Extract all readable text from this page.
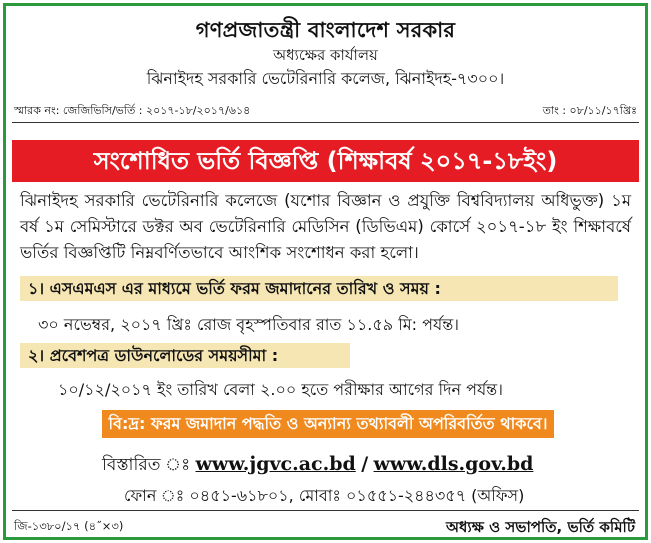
গণপ্রজাতন্ত্রী বাংলাদেশ সরকার
অধ্যক্ষের কার্যালয়
ঝিনাইদহ সরকারি ভেটেরিনারি কলেজ, ঝিনাইদহ-৭৩০০।
স্মারক নং: জেজিভিসি/ভর্তি : ২০১৭-১৮/২০১৭/৬১৪	তাং : ০৮/১১/১৭খ্রিঃ
সংশোধিত ভর্তি বিজ্ঞপ্তি (শিক্ষাবর্ষ ২০১৭-১৮ইং)
ঝিনাইদহ সরকারি ভেটেরিনারি কলেজে (যশোর বিজ্ঞান ও প্রযুক্তি বিশ্ববিদ্যালয় অধিভুক্ত) ১ম বর্ষ ১ম সেমিস্টারে ডক্টর অব ভেটেরিনারি মেডিসিন (ডিভিএম) কোর্সে ২০১৭-১৮ ইং শিক্ষাবর্ষে ভর্তির বিজ্ঞপ্তিটি নিম্নবর্ণিতভাবে আংশিক সংশোধন করা হলো।
১। এসএমএস এর মাধ্যমে ভর্তি ফরম জমাদানের তারিখ ও সময় :
৩০ নভেম্বর, ২০১৭ খ্রিঃ রোজ বৃহস্পতিবার রাত ১১.৫৯ মি: পর্যন্ত।
২। প্রবেশপত্র ডাউনলোডের সময়সীমা :
১০/১২/২০১৭ ইং তারিখ বেলা ২.০০ হতে পরীক্ষার আগের দিন পর্যন্ত।
বি:দ্র: ফরম জমাদান পদ্ধতি ও অন্যান্য তথ্যাবলী অপরিবর্তিত থাকবে।
বিস্তারিত ঃ www.jgvc.ac.bd / www.dls.gov.bd
ফোন ঃ ০৪৫১-৬১৮০১, মোবাঃ ০১৫৫১-২৪৪৩৫৭ (অফিস)
জি-১৩৮০/১৭ (৪˝×৩)	অধ্যক্ষ ও সভাপতি, ভর্তি কমিটি
